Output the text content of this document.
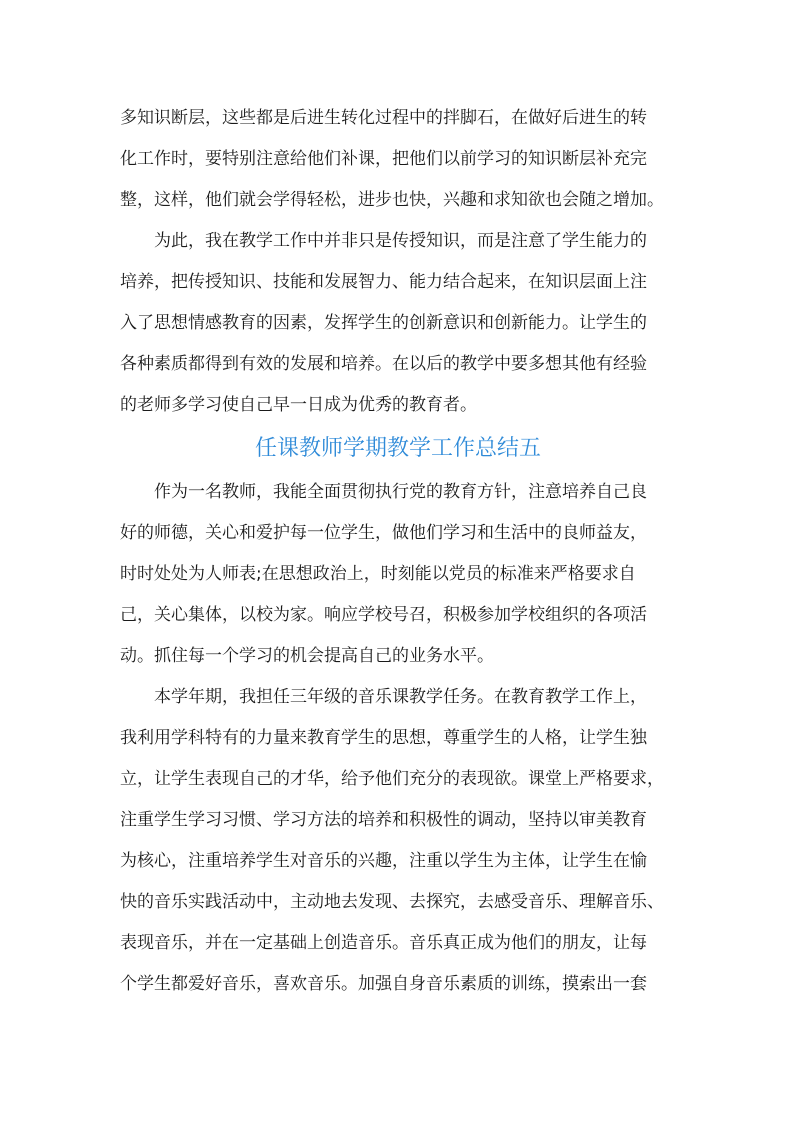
多知识断层，这些都是后进生转化过程中的拌脚石，在做好后进生的转

化工作时，要特别注意给他们补课，把他们以前学习的知识断层补充完

整，这样，他们就会学得轻松，进步也快，兴趣和求知欲也会随之增加。

为此，我在教学工作中并非只是传授知识，而是注意了学生能力的

培养，把传授知识、技能和发展智力、能力结合起来，在知识层面上注

入了思想情感教育的因素，发挥学生的创新意识和创新能力。让学生的

各种素质都得到有效的发展和培养。在以后的教学中要多想其他有经验

的老师多学习使自己早一日成为优秀的教育者。

任课教师学期教学工作总结五

作为一名教师，我能全面贯彻执行党的教育方针，注意培养自己良

好的师德，关心和爱护每一位学生，做他们学习和生活中的良师益友，

时时处处为人师表;在思想政治上，时刻能以党员的标准来严格要求自

己，关心集体，以校为家。响应学校号召，积极参加学校组织的各项活

动。抓住每一个学习的机会提高自己的业务水平。

本学年期，我担任三年级的音乐课教学任务。在教育教学工作上，

我利用学科特有的力量来教育学生的思想，尊重学生的人格，让学生独

立，让学生表现自己的才华，给予他们充分的表现欲。课堂上严格要求，

注重学生学习习惯、学习方法的培养和积极性的调动，坚持以审美教育

为核心，注重培养学生对音乐的兴趣，注重以学生为主体，让学生在愉

快的音乐实践活动中，主动地去发现、去探究，去感受音乐、理解音乐、

表现音乐，并在一定基础上创造音乐。音乐真正成为他们的朋友，让每

个学生都爱好音乐，喜欢音乐。加强自身音乐素质的训练，摸索出一套
